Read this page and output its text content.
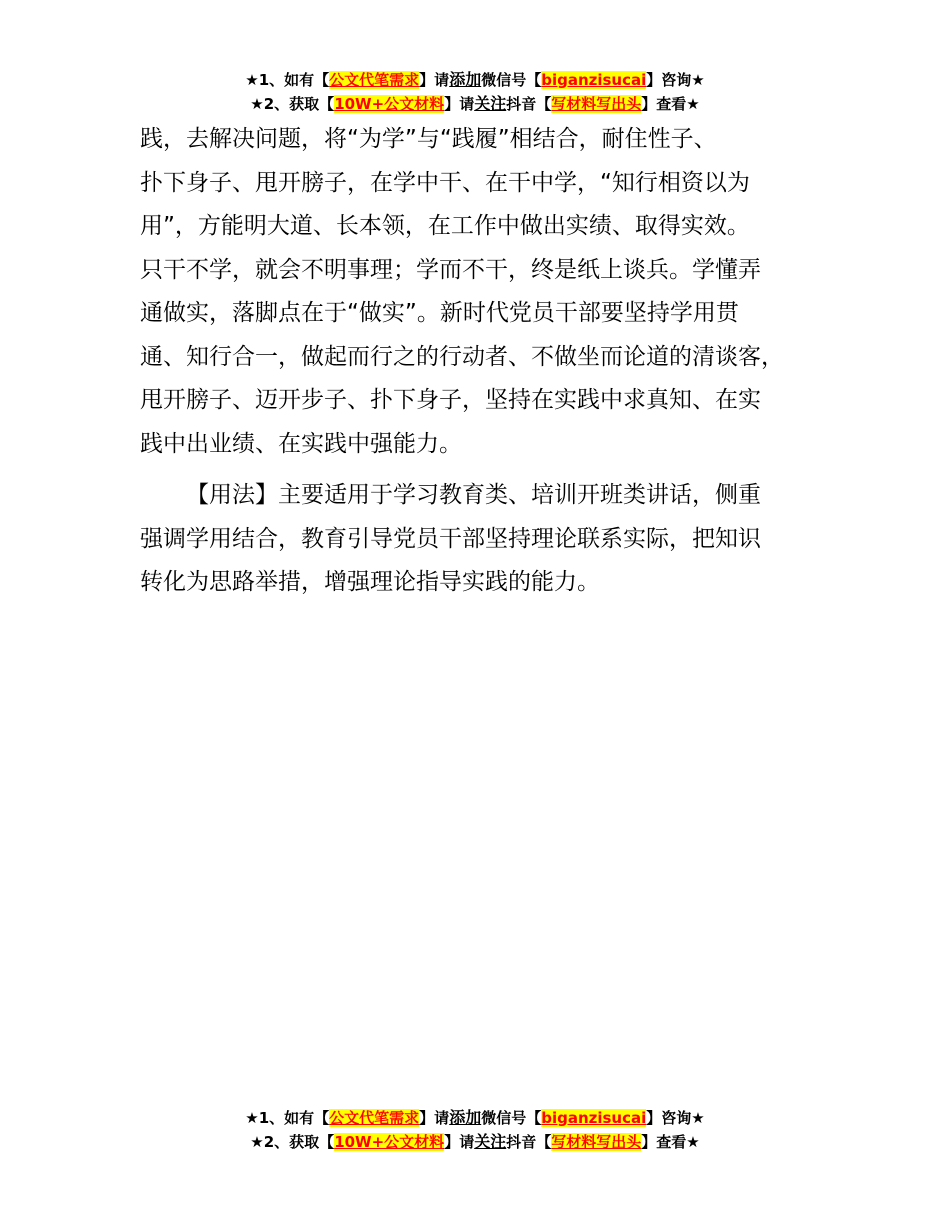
★1、如有【公文代笔需求】请添加微信号【biganzisucai】咨询★
★2、获取【10W+公文材料】请关注抖音【写材料写出头】查看★

践，去解决问题，将“为学”与“践履”相结合，耐住性子、
扑下身子、甩开膀子，在学中干、在干中学，“知行相资以为
用”，方能明大道、长本领，在工作中做出实绩、取得实效。
只干不学，就会不明事理；学而不干，终是纸上谈兵。学懂弄
通做实，落脚点在于“做实”。新时代党员干部要坚持学用贯
通、知行合一，做起而行之的行动者、不做坐而论道的清谈客，
甩开膀子、迈开步子、扑下身子，坚持在实践中求真知、在实
践中出业绩、在实践中强能力。

【用法】主要适用于学习教育类、培训开班类讲话，侧重
强调学用结合，教育引导党员干部坚持理论联系实际，把知识
转化为思路举措，增强理论指导实践的能力。

★1、如有【公文代笔需求】请添加微信号【biganzisucai】咨询★
★2、获取【10W+公文材料】请关注抖音【写材料写出头】查看★
